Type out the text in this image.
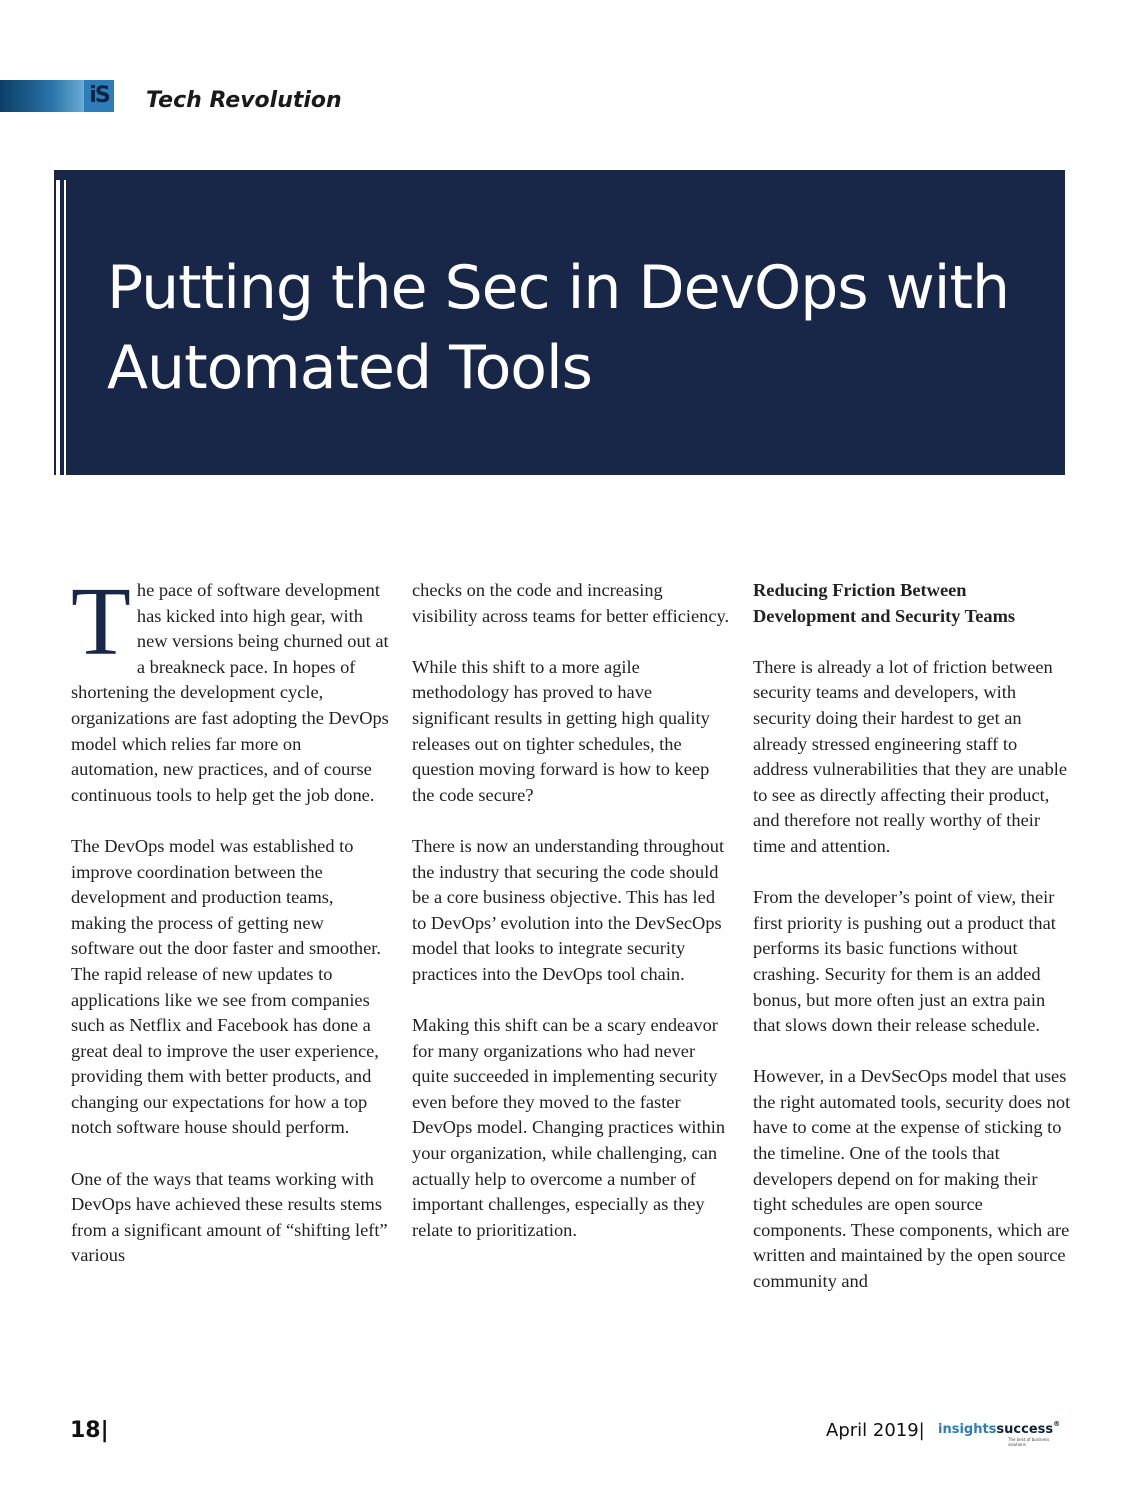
iS Tech Revolution
Putting the Sec in DevOps with
Automated Tools

The pace of software development has kicked into high gear, with new versions being churned out at a breakneck pace. In hopes of shortening the development cycle, organizations are fast adopting the DevOps model which relies far more on automation, new practices, and of course continuous tools to help get the job done.

The DevOps model was established to improve coordination between the development and production teams, making the process of getting new software out the door faster and smoother. The rapid release of new updates to applications like we see from companies such as Netflix and Facebook has done a great deal to improve the user experience, providing them with better products, and changing our expectations for how a top notch software house should perform.

One of the ways that teams working with DevOps have achieved these results stems from a significant amount of “shifting left” various

checks on the code and increasing visibility across teams for better efficiency.

While this shift to a more agile methodology has proved to have significant results in getting high quality releases out on tighter schedules, the question moving forward is how to keep the code secure?

There is now an understanding throughout the industry that securing the code should be a core business objective. This has led to DevOps’ evolution into the DevSecOps model that looks to integrate security practices into the DevOps tool chain.

Making this shift can be a scary endeavor for many organizations who had never quite succeeded in implementing security even before they moved to the faster DevOps model. Changing practices within your organization, while challenging, can actually help to overcome a number of important challenges, especially as they relate to prioritization.

Reducing Friction Between Development and Security Teams

There is already a lot of friction between security teams and developers, with security doing their hardest to get an already stressed engineering staff to address vulnerabilities that they are unable to see as directly affecting their product, and therefore not really worthy of their time and attention.

From the developer’s point of view, their first priority is pushing out a product that performs its basic functions without crashing. Security for them is an added bonus, but more often just an extra pain that slows down their release schedule.

However, in a DevSecOps model that uses the right automated tools, security does not have to come at the expense of sticking to the timeline. One of the tools that developers depend on for making their tight schedules are open source components. These components, which are written and maintained by the open source community and

18|	April 2019| insightssuccess®
The best of business solutions
